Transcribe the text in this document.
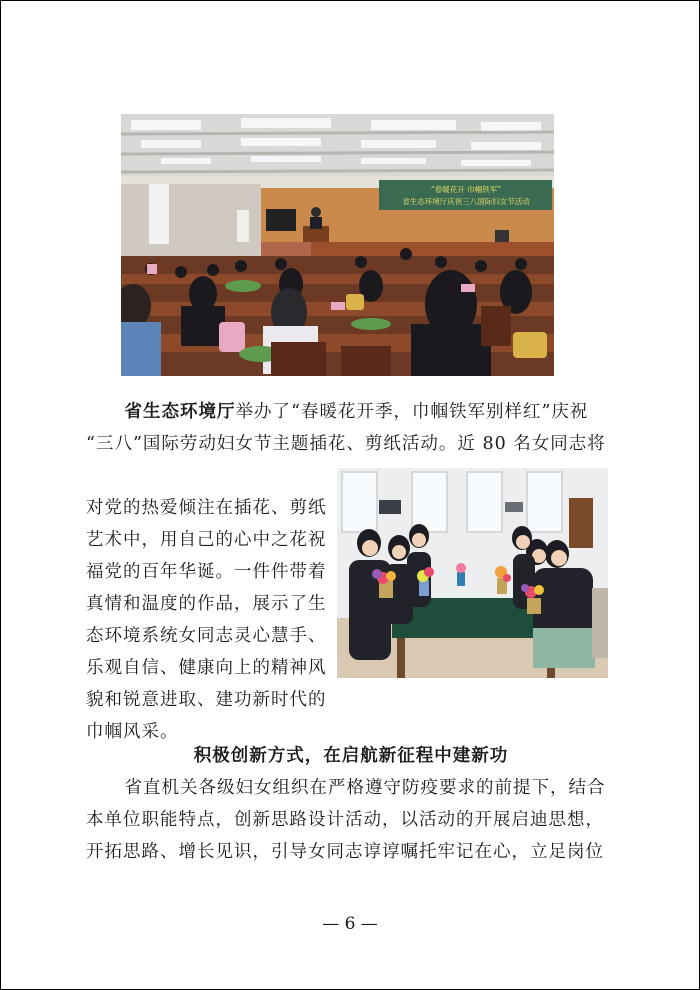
“春暖花开 巾帼铁军”
省生态环境厅庆祝三八国际妇女节活动
省生态环境厅举办了“春暖花开季，巾帼铁军别样红”庆祝
“三八”国际劳动妇女节主题插花、剪纸活动。近 80 名女同志将
对党的热爱倾注在插花、剪纸
艺术中，用自己的心中之花祝
福党的百年华诞。一件件带着
真情和温度的作品，展示了生
态环境系统女同志灵心慧手、
乐观自信、健康向上的精神风
貌和锐意进取、建功新时代的
巾帼风采。
积极创新方式，在启航新征程中建新功

省直机关各级妇女组织在严格遵守防疫要求的前提下，结合本单位职能特点，创新思路设计活动，以活动的开展启迪思想，开拓思路、增长见识，引导女同志谆谆嘱托牢记在心，立足岗位

— 6 —
